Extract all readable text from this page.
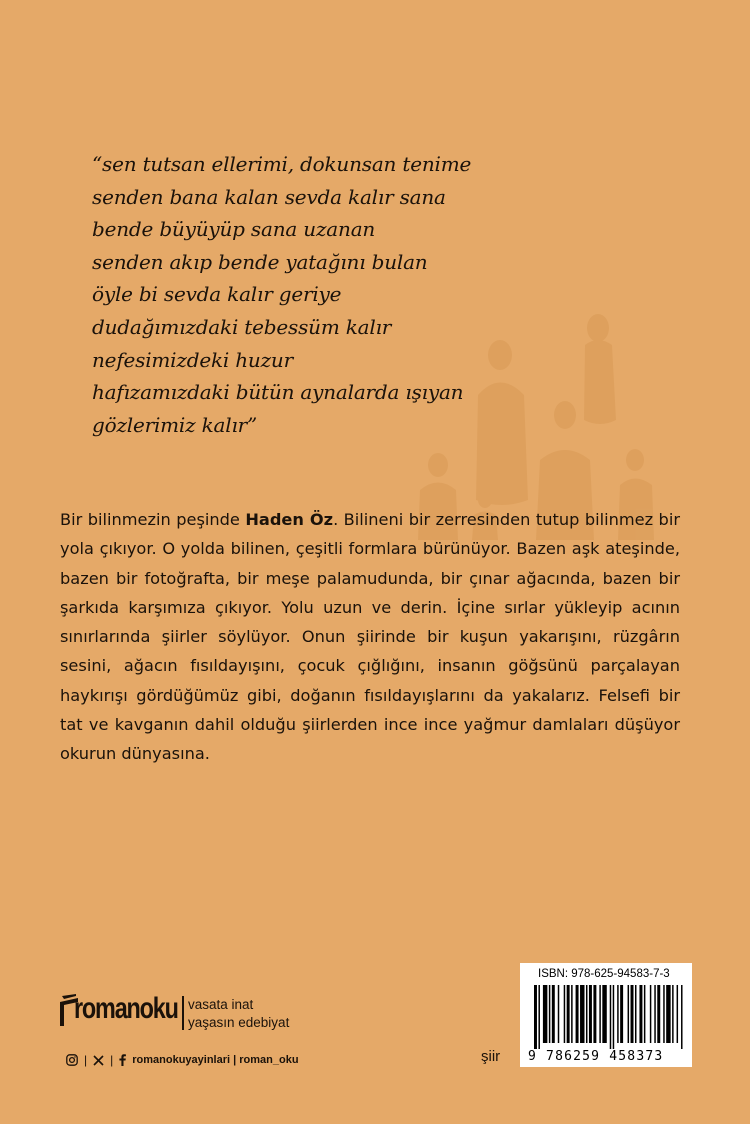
“sen tutsan ellerimi, dokunsan tenime
senden bana kalan sevda kalır sana
bende büyüyüp sana uzanan
senden akıp bende yatağını bulan
öyle bi sevda kalır geriye
dudağımızdaki tebessüm kalır
nefesimizdeki huzur
hafızamızdaki bütün aynalarda ışıyan
gözlerimiz kalır”
Bir bilinmezin peşinde Haden Öz. Bilineni bir zerresinden tutup bilinmez bir yola çıkıyor. O yolda bilinen, çeşitli formlara bürünüyor. Bazen aşk ateşinde, bazen bir fotoğrafta, bir meşe palamudunda, bir çınar ağacında, bazen bir şarkıda karşımıza çıkıyor. Yolu uzun ve derin. İçine sırlar yükleyip acının sınırlarında şiirler söylüyor. Onun şiirinde bir kuşun yakarışını, rüzgârın sesini, ağacın fısıldayışını, çocuk çığlığını, insanın göğsünü parçalayan haykırışı gördüğümüz gibi, doğanın fısıldayışlarını da yakalarız. Felsefi bir tat ve kavganın dahil olduğu şiirlerden ince ince yağmur damlaları düşüyor okurun dünyasına.
romanoku vasata inat
yaşasın edebiyat
| | romanokuyayinlari | roman_oku	şiir
ISBN: 978-625-94583-7-3
9 786259 458373
